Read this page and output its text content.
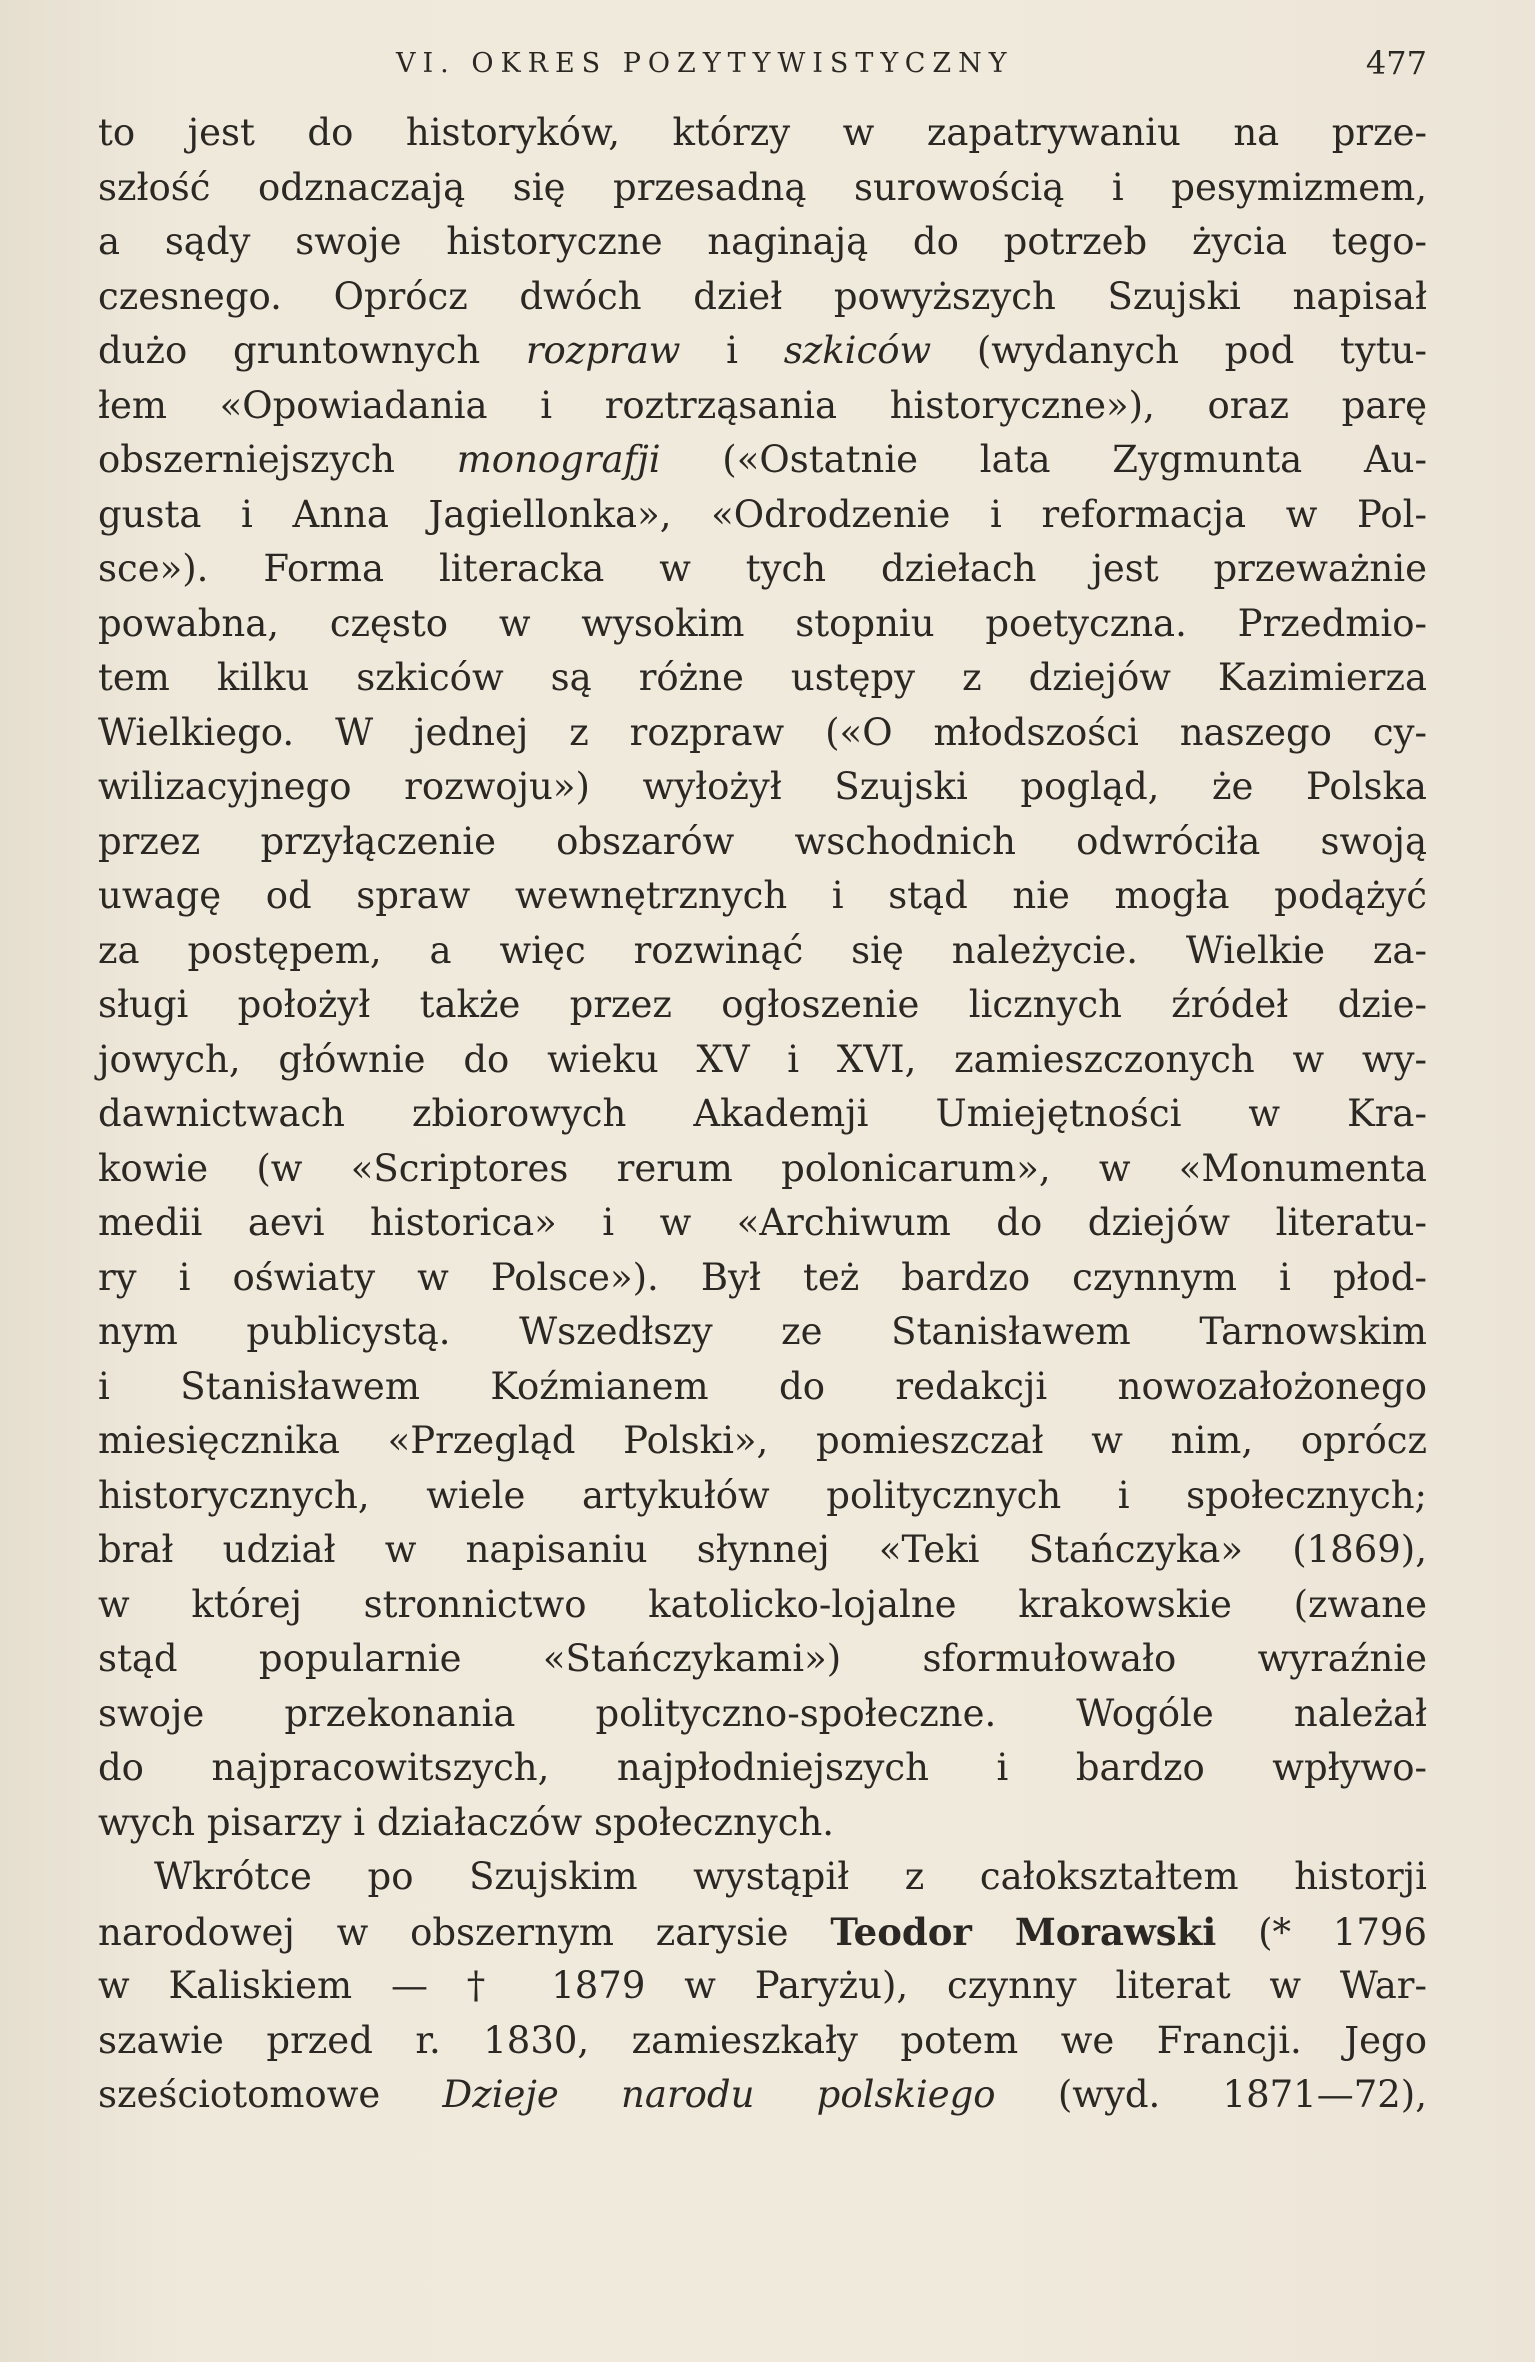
VI. OKRES POZYTYWISTYCZNY	477
to jest do historyków, którzy w zapatrywaniu na prze-
szłość odznaczają się przesadną surowością i pesymizmem,
a sądy swoje historyczne naginają do potrzeb życia tego-
czesnego. Oprócz dwóch dzieł powyższych Szujski napisał
dużo gruntownych rozpraw i szkiców (wydanych pod tytu-
łem «Opowiadania i roztrząsania historyczne»), oraz parę
obszerniejszych monografji («Ostatnie lata Zygmunta Au-
gusta i Anna Jagiellonka», «Odrodzenie i reformacja w Pol-
sce»). Forma literacka w tych dziełach jest przeważnie
powabna, często w wysokim stopniu poetyczna. Przedmio-
tem kilku szkiców są różne ustępy z dziejów Kazimierza
Wielkiego. W jednej z rozpraw («O młodszości naszego cy-
wilizacyjnego rozwoju») wyłożył Szujski pogląd, że Polska
przez przyłączenie obszarów wschodnich odwróciła swoją
uwagę od spraw wewnętrznych i stąd nie mogła podążyć
za postępem, a więc rozwinąć się należycie. Wielkie za-
sługi położył także przez ogłoszenie licznych źródeł dzie-
jowych, głównie do wieku XV i XVI, zamieszczonych w wy-
dawnictwach zbiorowych Akademji Umiejętności w Kra-
kowie (w «Scriptores rerum polonicarum», w «Monumenta
medii aevi historica» i w «Archiwum do dziejów literatu-
ry i oświaty w Polsce»). Był też bardzo czynnym i płod-
nym publicystą. Wszedłszy ze Stanisławem Tarnowskim
i Stanisławem Koźmianem do redakcji nowozałożonego
miesięcznika «Przegląd Polski», pomieszczał w nim, oprócz
historycznych, wiele artykułów politycznych i społecznych;
brał udział w napisaniu słynnej «Teki Stańczyka» (1869),
w której stronnictwo katolicko-lojalne krakowskie (zwane
stąd popularnie «Stańczykami») sformułowało wyraźnie
swoje przekonania polityczno-społeczne. Wogóle należał
do najpracowitszych, najpłodniejszych i bardzo wpływo-
wych pisarzy i działaczów społecznych.
Wkrótce po Szujskim wystąpił z całokształtem historji
narodowej w obszernym zarysie Teodor Morawski (* 1796
w Kaliskiem — † 1879 w Paryżu), czynny literat w War-
szawie przed r. 1830, zamieszkały potem we Francji. Jego
sześciotomowe Dzieje narodu polskiego (wyd. 1871—72),
